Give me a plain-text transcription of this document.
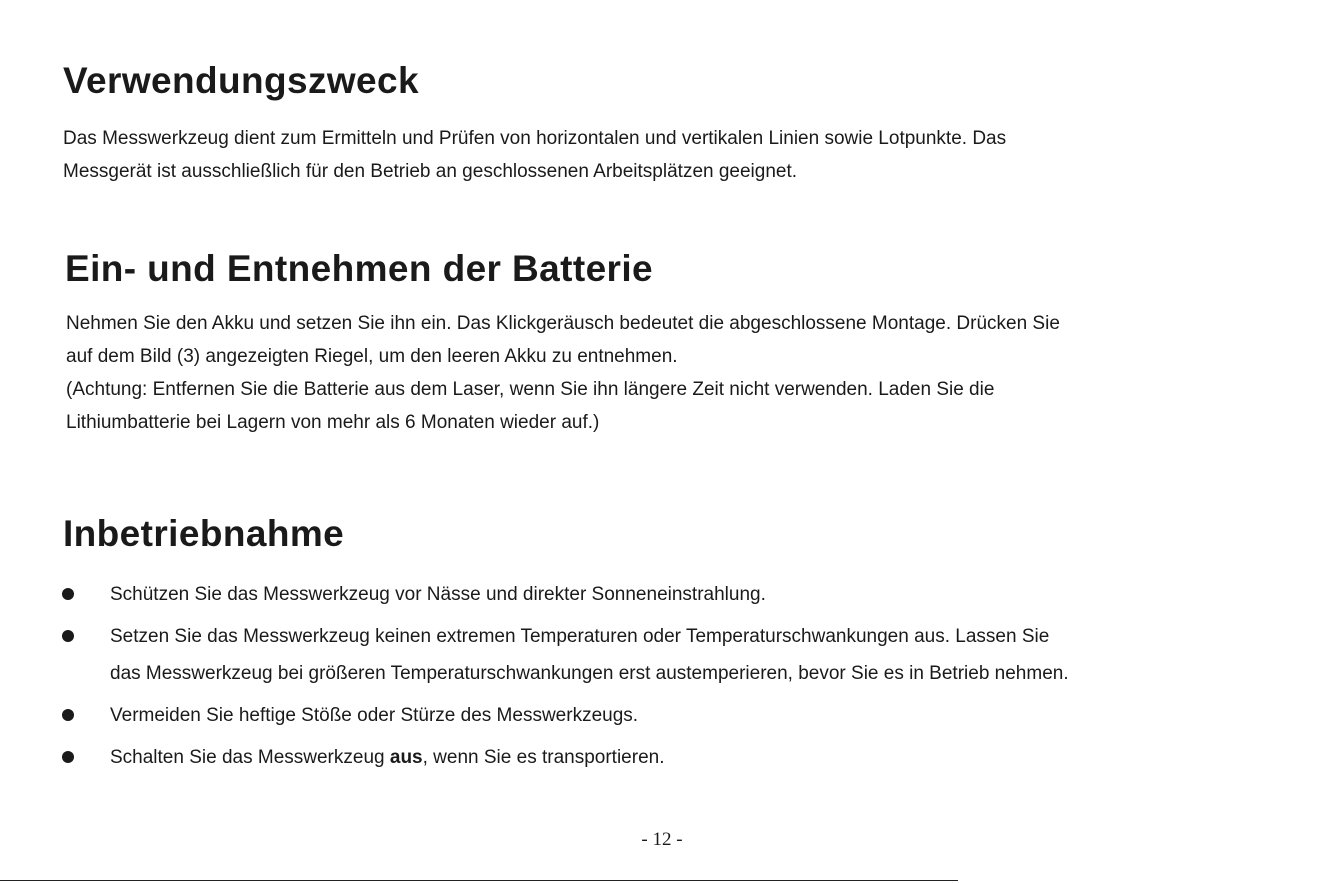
Verwendungszweck

Das Messwerkzeug dient zum Ermitteln und Prüfen von horizontalen und vertikalen Linien sowie Lotpunkte. Das
Messgerät ist ausschließlich für den Betrieb an geschlossenen Arbeitsplätzen geeignet.

Ein- und Entnehmen der Batterie

Nehmen Sie den Akku und setzen Sie ihn ein. Das Klickgeräusch bedeutet die abgeschlossene Montage. Drücken Sie
auf dem Bild (3) angezeigten Riegel, um den leeren Akku zu entnehmen.
(Achtung: Entfernen Sie die Batterie aus dem Laser, wenn Sie ihn längere Zeit nicht verwenden. Laden Sie die
Lithiumbatterie bei Lagern von mehr als 6 Monaten wieder auf.)

Inbetriebnahme
Schützen Sie das Messwerkzeug vor Nässe und direkter Sonneneinstrahlung.
Setzen Sie das Messwerkzeug keinen extremen Temperaturen oder Temperaturschwankungen aus. Lassen Sie
das Messwerkzeug bei größeren Temperaturschwankungen erst austemperieren, bevor Sie es in Betrieb nehmen.
Vermeiden Sie heftige Stöße oder Stürze des Messwerkzeugs.
Schalten Sie das Messwerkzeug aus, wenn Sie es transportieren.
- 12 -
